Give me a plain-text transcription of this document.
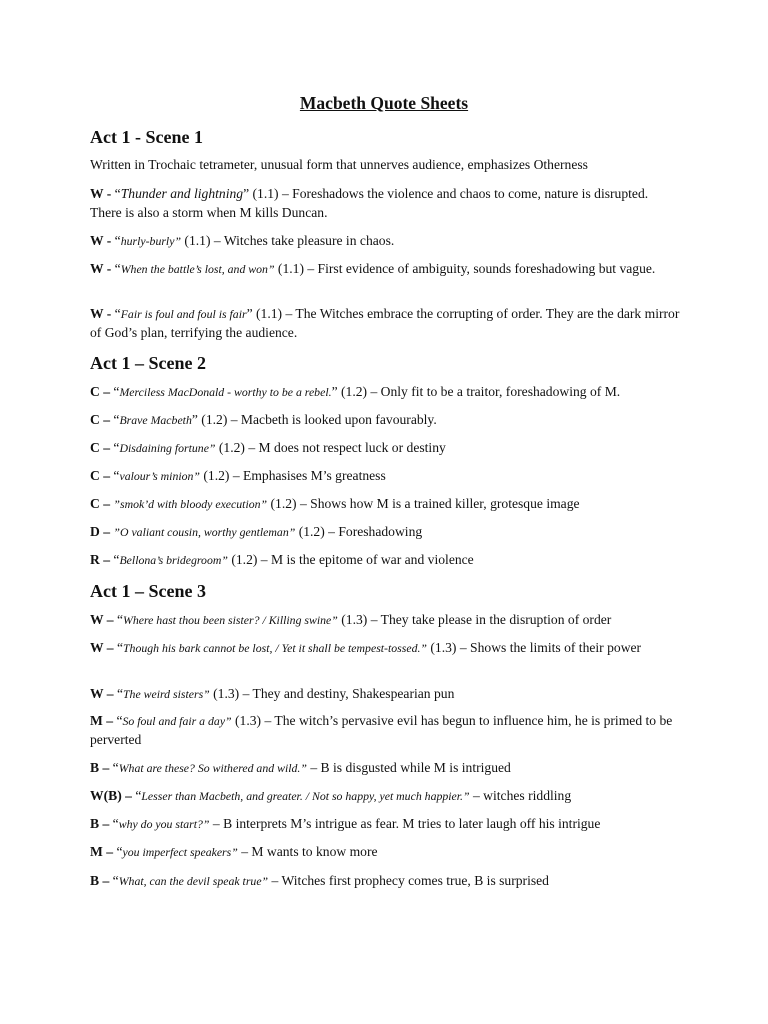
Macbeth Quote Sheets
Act 1 - Scene 1

Written in Trochaic tetrameter, unusual form that unnerves audience, emphasizes Otherness

W - “Thunder and lightning” (1.1) – Foreshadows the violence and chaos to come, nature is disrupted. There is also a storm when M kills Duncan.

W - “hurly-burly” (1.1) – Witches take pleasure in chaos.

W - “When the battle’s lost, and won” (1.1) – First evidence of ambiguity, sounds foreshadowing but vague.

W - “Fair is foul and foul is fair” (1.1) – The Witches embrace the corrupting of order. They are the dark mirror of God’s plan, terrifying the audience.

Act 1 – Scene 2

C – “Merciless MacDonald - worthy to be a rebel.” (1.2) – Only fit to be a traitor, foreshadowing of M.

C – “Brave Macbeth” (1.2) – Macbeth is looked upon favourably.

C – “Disdaining fortune” (1.2) – M does not respect luck or destiny

C – “valour’s minion” (1.2) – Emphasises M’s greatness

C – ”smok’d with bloody execution” (1.2) – Shows how M is a trained killer, grotesque image

D – ”O valiant cousin, worthy gentleman” (1.2) – Foreshadowing

R – “Bellona’s bridegroom” (1.2) – M is the epitome of war and violence

Act 1 – Scene 3

W – “Where hast thou been sister? / Killing swine” (1.3) – They take please in the disruption of order

W – “Though his bark cannot be lost, / Yet it shall be tempest-tossed.” (1.3) – Shows the limits of their power

W – “The weird sisters” (1.3) – They and destiny, Shakespearian pun

M – “So foul and fair a day” (1.3) – The witch’s pervasive evil has begun to influence him, he is primed to be perverted

B – “What are these? So withered and wild.” – B is disgusted while M is intrigued

W(B) – “Lesser than Macbeth, and greater. / Not so happy, yet much happier.” – witches riddling

B – “why do you start?” – B interprets M’s intrigue as fear. M tries to later laugh off his intrigue

M – “you imperfect speakers” – M wants to know more

B – “What, can the devil speak true” – Witches first prophecy comes true, B is surprised
